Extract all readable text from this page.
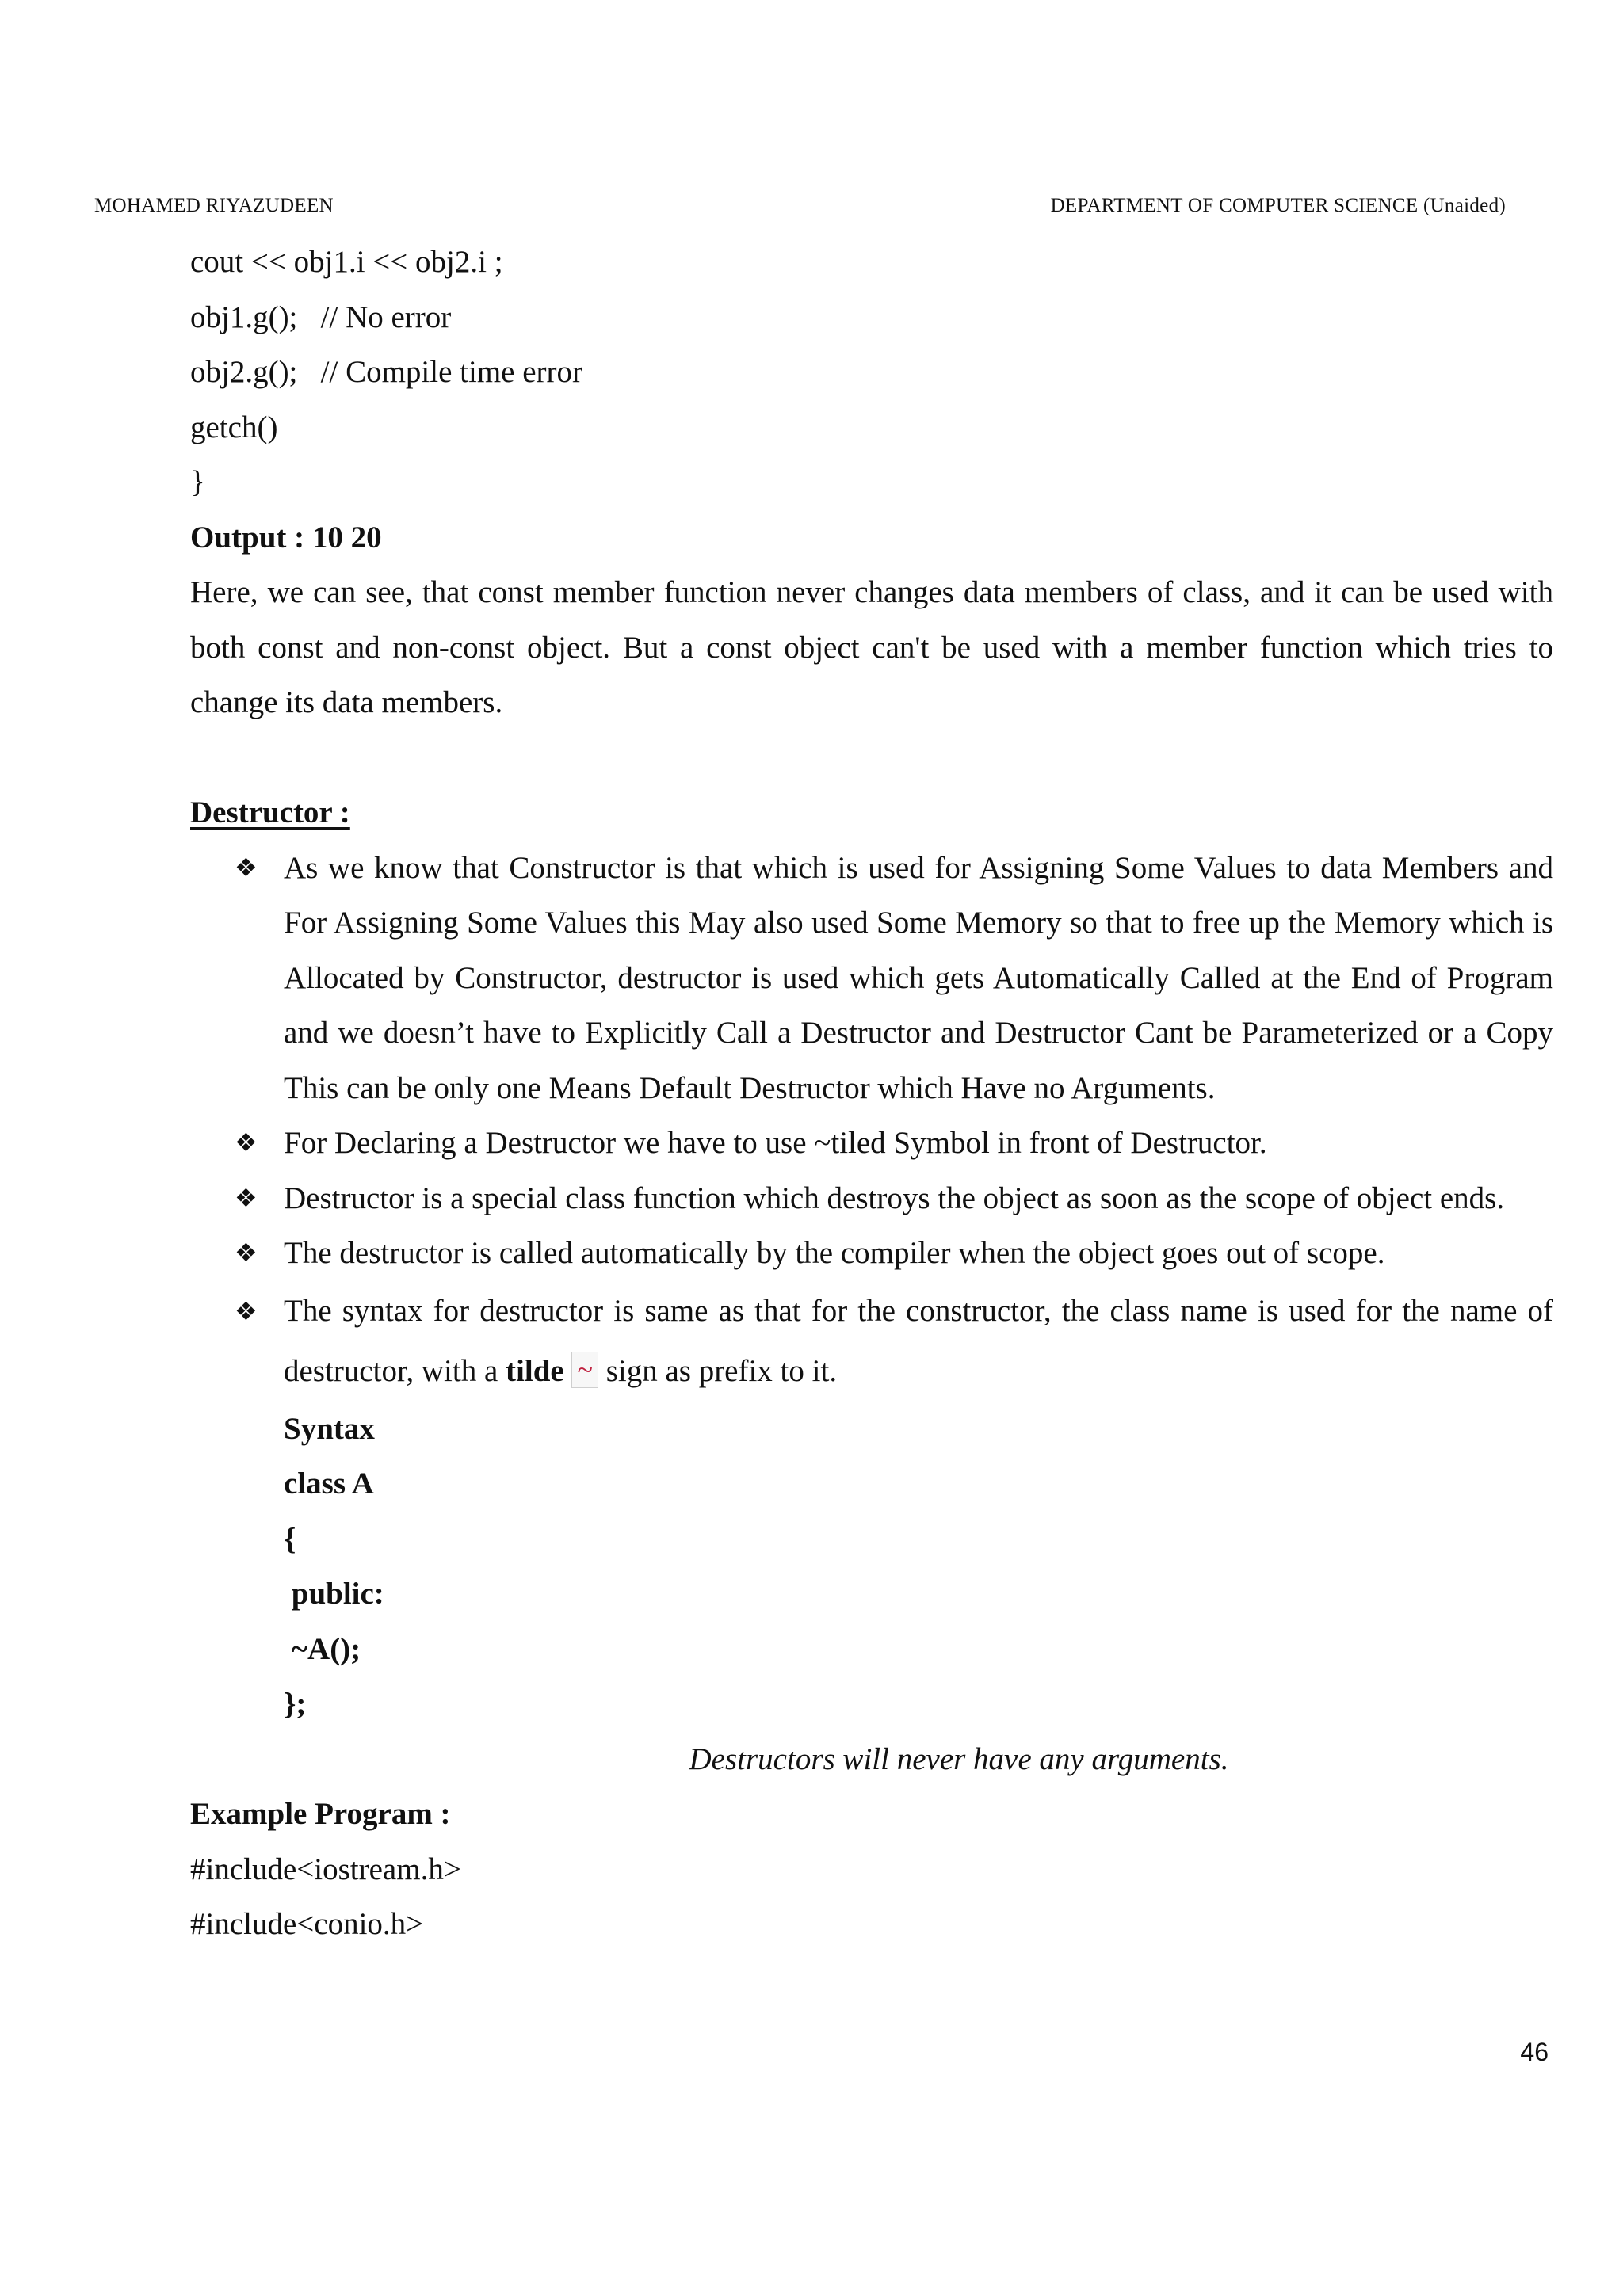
MOHAMED RIYAZUDEEN	DEPARTMENT OF COMPUTER SCIENCE (Unaided)
cout << obj1.i << obj2.i ;
obj1.g();   // No error
obj2.g();   // Compile time error
getch()
}
Output : 10 20
Here, we can see, that const member function never changes data members of class, and it can be used with both const and non-const object. But a const object can't be used with a member function which tries to change its data members.
Destructor :
❖ As we know that Constructor is that which is used for Assigning Some Values to data Members and For Assigning Some Values this May also used Some Memory so that to free up the Memory which is Allocated by Constructor, destructor is used which gets Automatically Called at the End of Program and we doesn’t have to Explicitly Call a Destructor and Destructor Cant be Parameterized or a Copy This can be only one Means Default Destructor which Have no Arguments.
❖ For Declaring a Destructor we have to use ~tiled Symbol in front of Destructor.
❖ Destructor is a special class function which destroys the object as soon as the scope of object ends.
❖ The destructor is called automatically by the compiler when the object goes out of scope.
❖ The syntax for destructor is same as that for the constructor, the class name is used for the name of destructor, with a tilde ~ sign as prefix to it.
Syntax
class A
{
public:
~A();
};
Destructors will never have any arguments.
Example Program :
#include<iostream.h>
#include<conio.h>
46
